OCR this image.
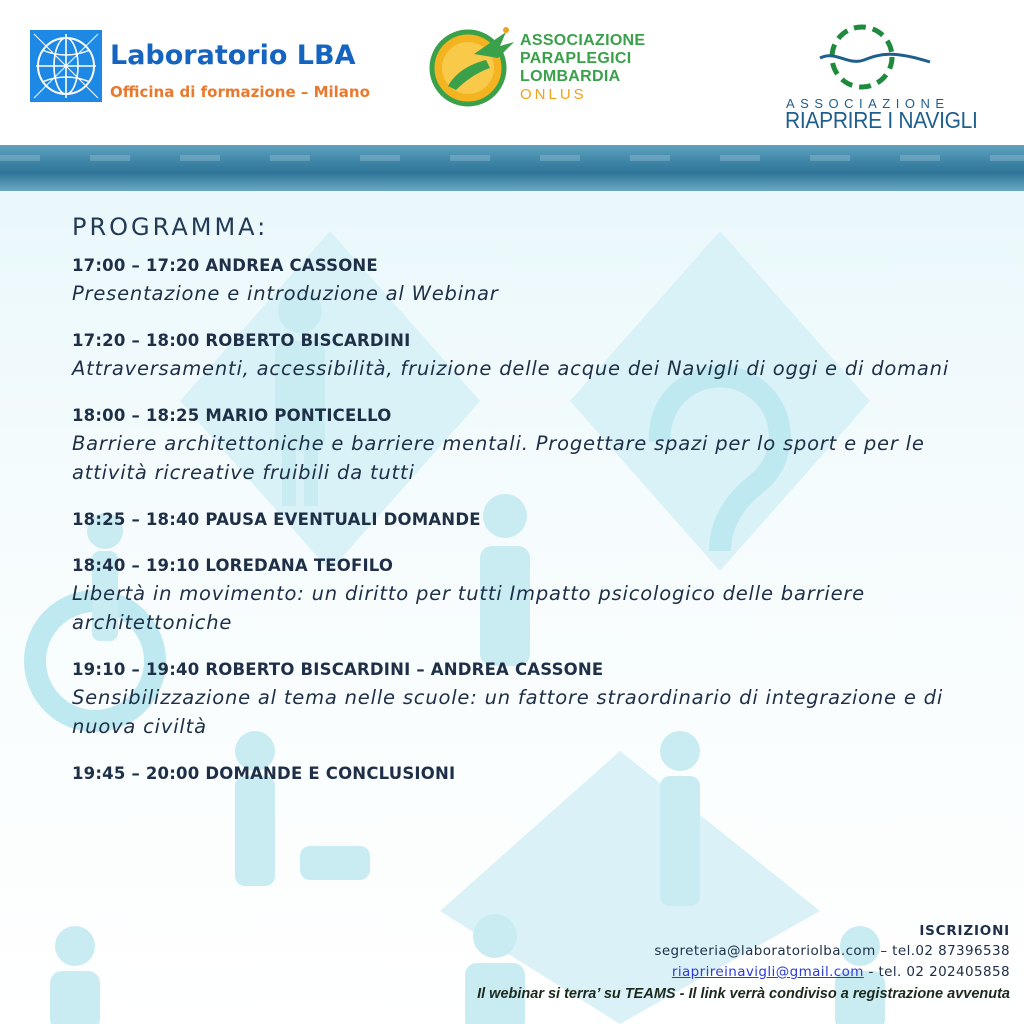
Laboratorio LBA
Officina di formazione – Milano
ASSOCIAZIONE
PARAPLEGICI
LOMBARDIA
ONLUS
ASSOCIAZIONE
RIAPRIRE I NAVIGLI
PROGRAMMA:
17:00 – 17:20 ANDREA CASSONE
Presentazione e introduzione al Webinar
17:20 – 18:00 ROBERTO BISCARDINI
Attraversamenti, accessibilità, fruizione delle acque dei Navigli di oggi e di domani
18:00 – 18:25 MARIO PONTICELLO
Barriere architettoniche e barriere mentali. Progettare spazi per lo sport e per le attività ricreative fruibili da tutti
18:25 – 18:40 PAUSA EVENTUALI DOMANDE
18:40 – 19:10 LOREDANA TEOFILO
Libertà in movimento: un diritto per tutti Impatto psicologico delle barriere architettoniche
19:10 – 19:40 ROBERTO BISCARDINI – ANDREA CASSONE
Sensibilizzazione al tema nelle scuole: un fattore straordinario di integrazione e di nuova civiltà
19:45 – 20:00 DOMANDE E CONCLUSIONI
ISCRIZIONI
segreteria@laboratoriolba.com – tel.02 87396538
riaprireinavigli@gmail.com - tel. 02 202405858
Il webinar si terra’ su TEAMS - Il link verrà condiviso a registrazione avvenuta
